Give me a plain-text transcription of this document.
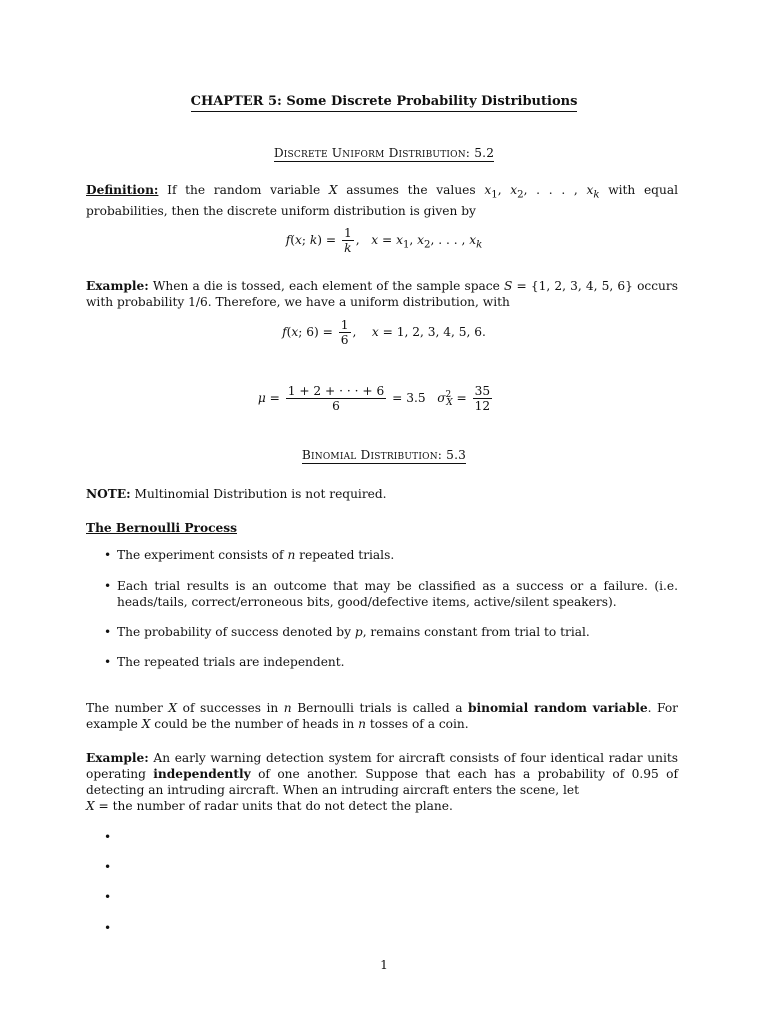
CHAPTER 5: Some Discrete Probability Distributions
Discrete Uniform Distribution: 5.2
Definition: If the random variable X assumes the values $x_1$, $x_2$, . . . , $x_k$ with equal probabilities, then the discrete uniform distribution is given by
f(x; $k) = \frac{1}{k}$ ,   $x = x_1$, $x_2$, . . . , $x_k$
Example: When a die is tossed, each element of the sample space S = {1, 2, 3, 4, 5, 6} occurs with probability 1/6. Therefore, we have a uniform distribution, with
f(x; $6) = \frac{1}{6}$ ,    x = 1, 2, 3, 4, 5, 6.
$\mu = \frac{1 + 2 + \cdot \cdot \cdot + 6}{6} = 3.5$   $\sigma^2_X = \frac{35}{12}$
Binomial Distribution: 5.3
NOTE: Multinomial Distribution is not required.
The Bernoulli Process
• The experiment consists of n repeated trials.
• Each trial results is an outcome that may be classified as a success or a failure. (i.e. heads/tails, correct/erroneous bits, good/defective items, active/silent speakers).
• The probability of success denoted by p, remains constant from trial to trial.
• The repeated trials are independent.
The number X of successes in n Bernoulli trials is called a binomial random variable. For example X could be the number of heads in n tosses of a coin.
Example: An early warning detection system for aircraft consists of four identical radar units operating independently of one another. Suppose that each has a probability of 0.95 of detecting an intruding aircraft. When an intruding aircraft enters the scene, let
X = the number of radar units that do not detect the plane.
•
•
•
•
1
